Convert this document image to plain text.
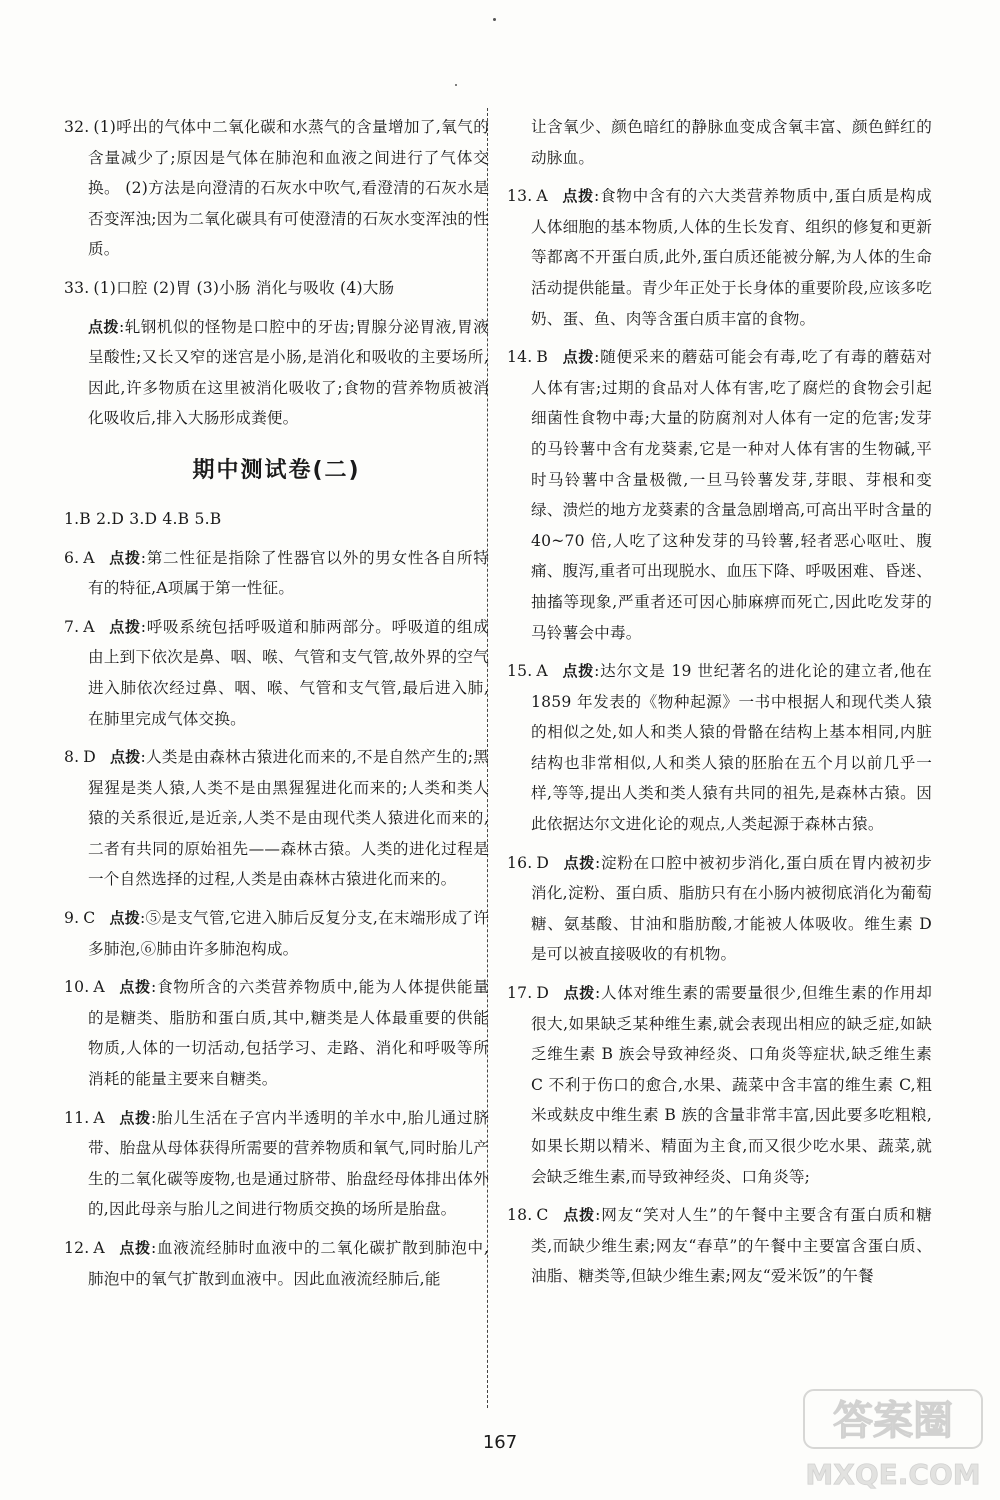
32. (1)呼出的气体中二氧化碳和水蒸气的含量增加了,氧气的含量减少了;原因是气体在肺泡和血液之间进行了气体交换。 (2)方法是向澄清的石灰水中吹气,看澄清的石灰水是否变浑浊;因为二氧化碳具有可使澄清的石灰水变浑浊的性质。

33. (1)口腔 (2)胃 (3)小肠 消化与吸收 (4)大肠

点拨:轧钢机似的怪物是口腔中的牙齿;胃腺分泌胃液,胃液呈酸性;又长又窄的迷宫是小肠,是消化和吸收的主要场所,因此,许多物质在这里被消化吸收了;食物的营养物质被消化吸收后,排入大肠形成粪便。

期中测试卷(二)

1.B 2.D 3.D 4.B 5.B

6. A 点拨:第二性征是指除了性器官以外的男女性各自所特有的特征,A项属于第一性征。

7. A 点拨:呼吸系统包括呼吸道和肺两部分。呼吸道的组成由上到下依次是鼻、咽、喉、气管和支气管,故外界的空气进入肺依次经过鼻、咽、喉、气管和支气管,最后进入肺,在肺里完成气体交换。

8. D 点拨:人类是由森林古猿进化而来的,不是自然产生的;黑猩猩是类人猿,人类不是由黑猩猩进化而来的;人类和类人猿的关系很近,是近亲,人类不是由现代类人猿进化而来的,二者有共同的原始祖先——森林古猿。人类的进化过程是一个自然选择的过程,人类是由森林古猿进化而来的。

9. C 点拨:⑤是支气管,它进入肺后反复分支,在末端形成了许多肺泡,⑥肺由许多肺泡构成。

10. A 点拨:食物所含的六类营养物质中,能为人体提供能量的是糖类、脂肪和蛋白质,其中,糖类是人体最重要的供能物质,人体的一切活动,包括学习、走路、消化和呼吸等所消耗的能量主要来自糖类。

11. A 点拨:胎儿生活在子宫内半透明的羊水中,胎儿通过脐带、胎盘从母体获得所需要的营养物质和氧气,同时胎儿产生的二氧化碳等废物,也是通过脐带、胎盘经母体排出体外的,因此母亲与胎儿之间进行物质交换的场所是胎盘。

12. A 点拨:血液流经肺时血液中的二氧化碳扩散到肺泡中,肺泡中的氧气扩散到血液中。因此血液流经肺后,能

让含氧少、颜色暗红的静脉血变成含氧丰富、颜色鲜红的动脉血。

13. A 点拨:食物中含有的六大类营养物质中,蛋白质是构成人体细胞的基本物质,人体的生长发育、组织的修复和更新等都离不开蛋白质,此外,蛋白质还能被分解,为人体的生命活动提供能量。青少年正处于长身体的重要阶段,应该多吃奶、蛋、鱼、肉等含蛋白质丰富的食物。

14. B 点拨:随便采来的蘑菇可能会有毒,吃了有毒的蘑菇对人体有害;过期的食品对人体有害,吃了腐烂的食物会引起细菌性食物中毒;大量的防腐剂对人体有一定的危害;发芽的马铃薯中含有龙葵素,它是一种对人体有害的生物碱,平时马铃薯中含量极微,一旦马铃薯发芽,芽眼、芽根和变绿、溃烂的地方龙葵素的含量急剧增高,可高出平时含量的 40~70 倍,人吃了这种发芽的马铃薯,轻者恶心呕吐、腹痛、腹泻,重者可出现脱水、血压下降、呼吸困难、昏迷、抽搐等现象,严重者还可因心肺麻痹而死亡,因此吃发芽的马铃薯会中毒。

15. A 点拨:达尔文是 19 世纪著名的进化论的建立者,他在 1859 年发表的《物种起源》一书中根据人和现代类人猿的相似之处,如人和类人猿的骨骼在结构上基本相同,内脏结构也非常相似,人和类人猿的胚胎在五个月以前几乎一样,等等,提出人类和类人猿有共同的祖先,是森林古猿。因此依据达尔文进化论的观点,人类起源于森林古猿。

16. D 点拨:淀粉在口腔中被初步消化,蛋白质在胃内被初步消化,淀粉、蛋白质、脂肪只有在小肠内被彻底消化为葡萄糖、氨基酸、甘油和脂肪酸,才能被人体吸收。维生素 D 是可以被直接吸收的有机物。

17. D 点拨:人体对维生素的需要量很少,但维生素的作用却很大,如果缺乏某种维生素,就会表现出相应的缺乏症,如缺乏维生素 B 族会导致神经炎、口角炎等症状,缺乏维生素 C 不利于伤口的愈合,水果、蔬菜中含丰富的维生素 C,粗米或麸皮中维生素 B 族的含量非常丰富,因此要多吃粗粮,如果长期以精米、精面为主食,而又很少吃水果、蔬菜,就会缺乏维生素,而导致神经炎、口角炎等;

18. C 点拨:网友“笑对人生”的午餐中主要含有蛋白质和糖类,而缺少维生素;网友“春草”的午餐中主要富含蛋白质、油脂、糖类等,但缺少维生素;网友“爱米饭”的午餐

167	答案圈
MXQE.COM
